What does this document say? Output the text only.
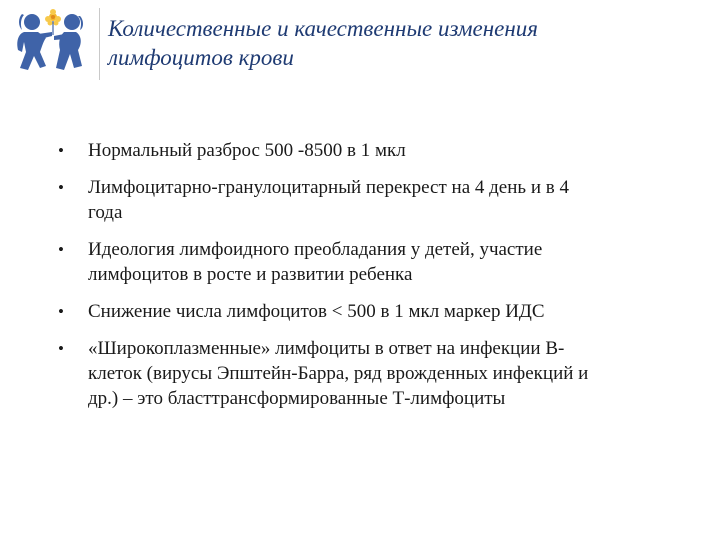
Количественные и качественные изменения
лимфоцитов крови
• Нормальный разброс 500 -8500 в 1 мкл
• Лимфоцитарно-гранулоцитарный перекрест на 4 день и в 4
года
• Идеология лимфоидного преобладания у детей, участие
лимфоцитов в росте и развитии ребенка
• Снижение числа лимфоцитов < 500 в 1 мкл маркер ИДС
• «Широкоплазменные» лимфоциты в ответ на инфекции В-
клеток (вирусы Эпштейн-Барра, ряд врожденных инфекций и
др.) – это бласттрансформированные Т-лимфоциты
